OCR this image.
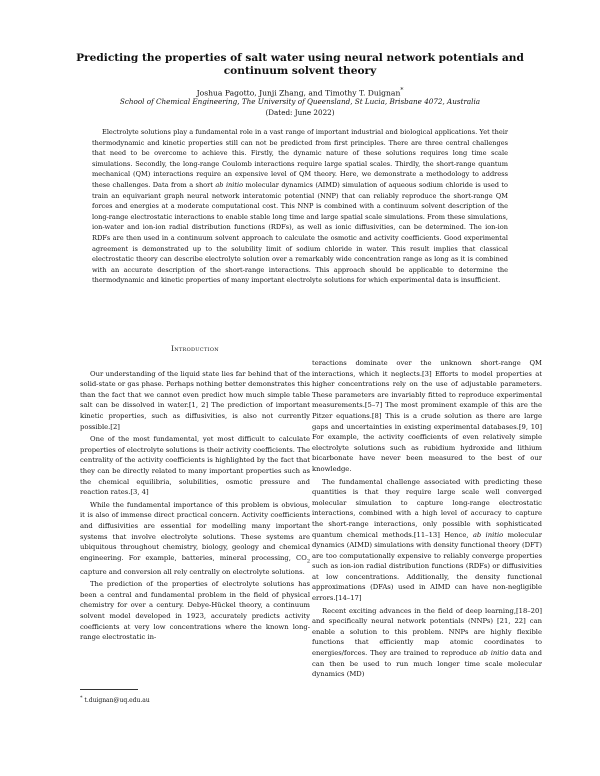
Predicting the properties of salt water using neural network potentials and continuum solvent theory
Joshua Pagotto, Junji Zhang, and Timothy T. Duignan*
School of Chemical Engineering, The University of Queensland, St Lucia, Brisbane 4072, Australia
(Dated: June 2022)
Electrolyte solutions play a fundamental role in a vast range of important industrial and biological applications. Yet their thermodynamic and kinetic properties still can not be predicted from first principles. There are three central challenges that need to be overcome to achieve this. Firstly, the dynamic nature of these solutions requires long time scale simulations. Secondly, the long-range Coulomb interactions require large spatial scales. Thirdly, the short-range quantum mechanical (QM) interactions require an expensive level of QM theory. Here, we demonstrate a methodology to address these challenges. Data from a short ab initio molecular dynamics (AIMD) simulation of aqueous sodium chloride is used to train an equivariant graph neural network interatomic potential (NNP) that can reliably reproduce the short-range QM forces and energies at a moderate computational cost. This NNP is combined with a continuum solvent description of the long-range electrostatic interactions to enable stable long time and large spatial scale simulations. From these simulations, ion-water and ion-ion radial distribution functions (RDFs), as well as ionic diffusivities, can be determined. The ion-ion RDFs are then used in a continuum solvent approach to calculate the osmotic and activity coefficients. Good experimental agreement is demonstrated up to the solubility limit of sodium chloride in water. This result implies that classical electrostatic theory can describe electrolyte solution over a remarkably wide concentration range as long as it is combined with an accurate description of the short-range interactions. This approach should be applicable to determine the thermodynamic and kinetic properties of many important electrolyte solutions for which experimental data is insufficient.
Introduction

Our understanding of the liquid state lies far behind that of the solid-state or gas phase. Perhaps nothing better demonstrates this than the fact that we cannot even predict how much simple table salt can be dissolved in water.[1, 2] The prediction of important kinetic properties, such as diffusivities, is also not currently possible.[2]

One of the most fundamental, yet most difficult to calculate properties of electrolyte solutions is their activity coefficients. The centrality of the activity coefficients is highlighted by the fact that they can be directly related to many important properties such as the chemical equilibria, solubilities, osmotic pressure and reaction rates.[3, 4]

While the fundamental importance of this problem is obvious, it is also of immense direct practical concern. Activity coefficients and diffusivities are essential for modelling many important systems that involve electrolyte solutions. These systems are ubiquitous throughout chemistry, biology, geology and chemical engineering. For example, batteries, mineral processing, $CO_2$ capture and conversion all rely centrally on electrolyte solutions.

The prediction of the properties of electrolyte solutions has been a central and fundamental problem in the field of physical chemistry for over a century. Debye-Hückel theory, a continuum solvent model developed in 1923, accurately predicts activity coefficients at very low concentrations where the known long-range electrostatic in-

teractions dominate over the unknown short-range QM interactions, which it neglects.[3] Efforts to model properties at higher concentrations rely on the use of adjustable parameters. These parameters are invariably fitted to reproduce experimental measurements.[5–7] The most prominent example of this are the Pitzer equations.[8] This is a crude solution as there are large gaps and uncertainties in existing experimental databases.[9, 10] For example, the activity coefficients of even relatively simple electrolyte solutions such as rubidium hydroxide and lithium bicarbonate have never been measured to the best of our knowledge.

The fundamental challenge associated with predicting these quantities is that they require large scale well converged molecular simulation to capture long-range electrostatic interactions, combined with a high level of accuracy to capture the short-range interactions, only possible with sophisticated quantum chemical methods.[11–13] Hence, ab initio molecular dynamics (AIMD) simulations with density functional theory (DFT) are too computationally expensive to reliably converge properties such as ion-ion radial distribution functions (RDFs) or diffusivities at low concentrations. Additionally, the density functional approximations (DFAs) used in AIMD can have non-negligible errors.[14–17]

Recent exciting advances in the field of deep learning,[18–20] and specifically neural network potentials (NNPs) [21, 22] can enable a solution to this problem. NNPs are highly flexible functions that efficiently map atomic coordinates to energies/forces. They are trained to reproduce ab initio data and can then be used to run much longer time scale molecular dynamics (MD)

* t.duignan@uq.edu.au
